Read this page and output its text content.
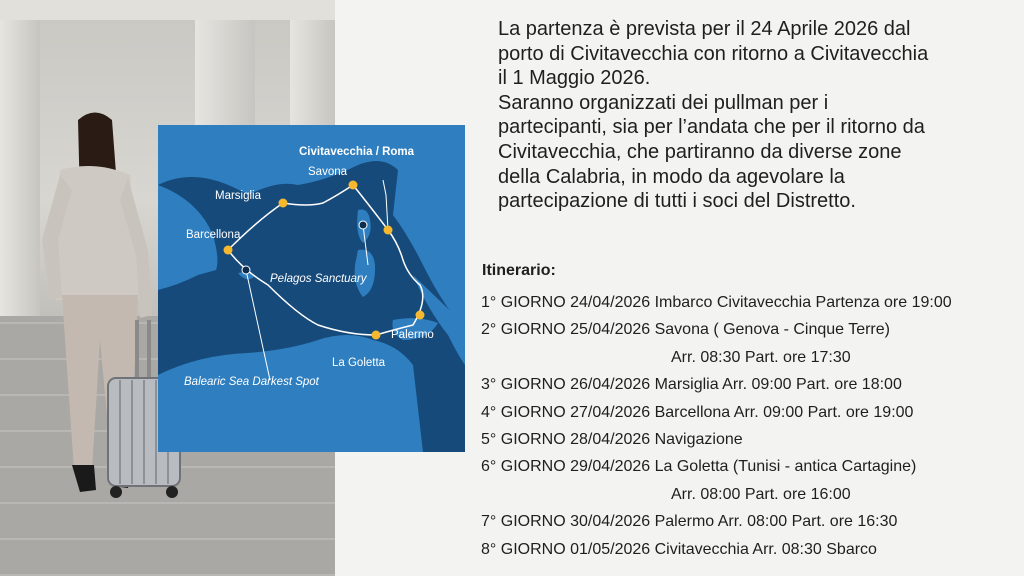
Civitavecchia / Roma
Savona
Marsiglia
Barcellona
Pelagos Sanctuary
Palermo
La Goletta
Balearic Sea Darkest Spot

La partenza è prevista per il 24 Aprile 2026 dal

porto di Civitavecchia con ritorno a Civitavecchia

il 1 Maggio 2026.

Saranno organizzati dei pullman per i

partecipanti, sia per l’andata che per il ritorno da

Civitavecchia, che partiranno da diverse zone

della Calabria, in modo da agevolare la

partecipazione di tutti i soci del Distretto.

Itinerario:
1° GIORNO 24/04/2026 Imbarco Civitavecchia Partenza ore 19:00
2° GIORNO 25/04/2026 Savona ( Genova - Cinque Terre)
Arr. 08:30 Part. ore 17:30
3° GIORNO 26/04/2026 Marsiglia Arr. 09:00 Part. ore 18:00
4° GIORNO 27/04/2026 Barcellona Arr. 09:00 Part. ore 19:00
5° GIORNO 28/04/2026 Navigazione
6° GIORNO 29/04/2026 La Goletta (Tunisi - antica Cartagine)
Arr. 08:00 Part. ore 16:00
7° GIORNO 30/04/2026 Palermo Arr. 08:00 Part. ore 16:30
8° GIORNO 01/05/2026 Civitavecchia Arr. 08:30 Sbarco
